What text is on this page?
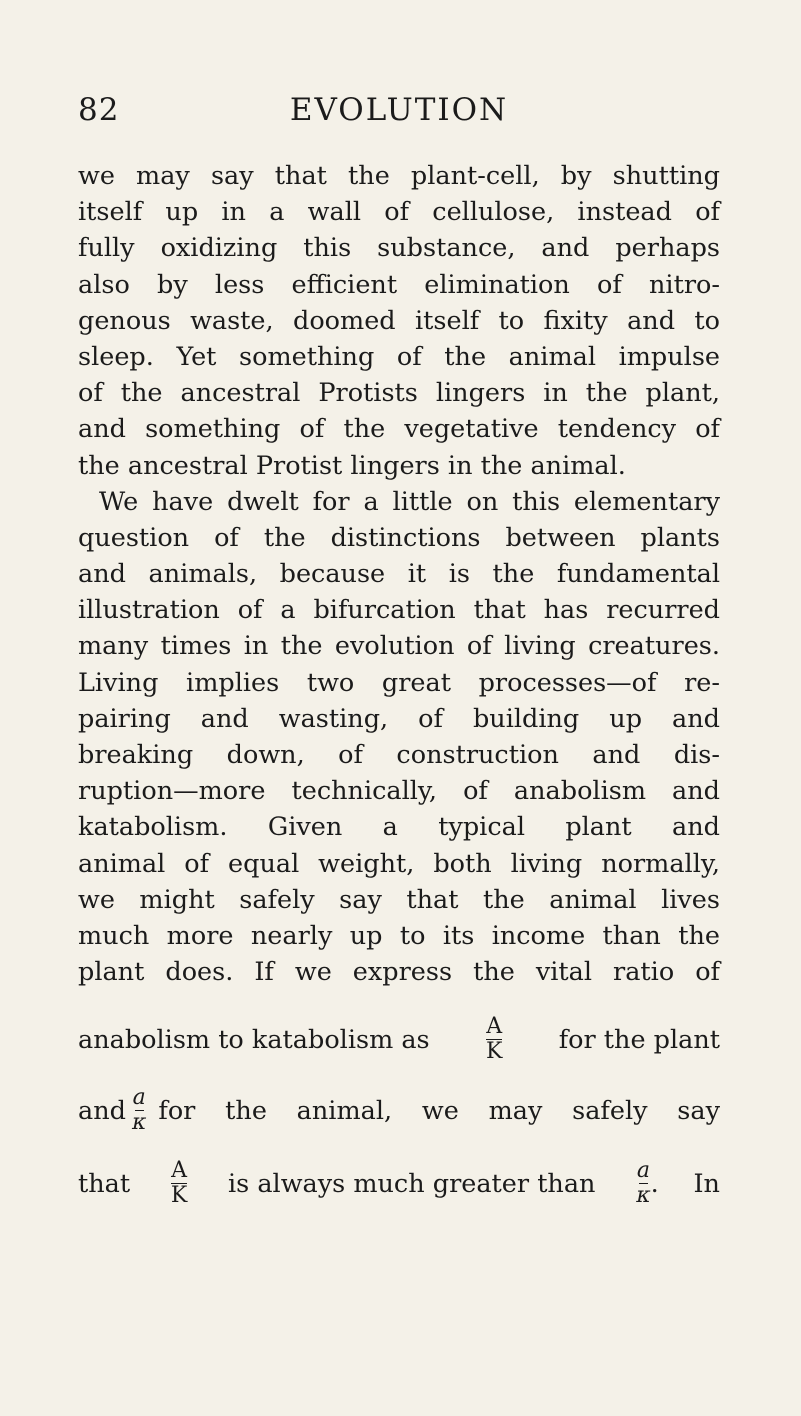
82	EVOLUTION
we may say that the plant-cell, by shutting
itself up in a wall of cellulose, instead of
fully oxidizing this substance, and perhaps
also by less efficient elimination of nitro-
genous waste, doomed itself to fixity and to
sleep. Yet something of the animal impulse
of the ancestral Protists lingers in the plant,
and something of the vegetative tendency of
the ancestral Protist lingers in the animal.
We have dwelt for a little on this elementary
question of the distinctions between plants
and animals, because it is the fundamental
illustration of a bifurcation that has recurred
many times in the evolution of living creatures.
Living implies two great processes—of re-
pairing and wasting, of building up and
breaking down, of construction and dis-
ruption—more technically, of anabolism and
katabolism. Given a typical plant and
animal of equal weight, both living normally,
we might safely say that the animal lives
much more nearly up to its income than the
plant does. If we express the vital ratio of
anabolism to katabolism as	$\frac{A}{K}$ for the plant
and $\frac{a}{\kappa}$ for the animal, we may safely say
that $\frac{A}{K}$ is always much greater than $\frac{a}{\kappa}$ . In
